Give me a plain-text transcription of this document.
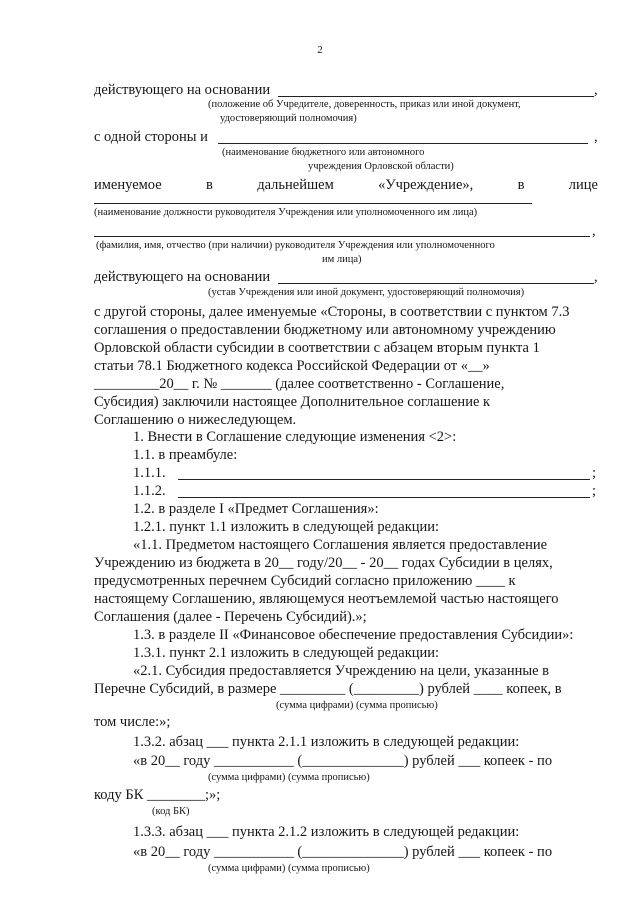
2
действующего на основании	,
(положение об Учредителе, доверенность, приказ или иной документ,
удостоверяющий полномочия)
с одной стороны и	,
(наименование бюджетного или автономного
учреждения Орловской области)
именуемое	в	дальнейшем	«Учреждение»,	в	лице
(наименование должности руководителя Учреждения или уполномоченного им лица)
,
(фамилия, имя, отчество (при наличии) руководителя Учреждения или уполномоченного
им лица)
действующего на основании	,
(устав Учреждения или иной документ, удостоверяющий полномочия)
с другой стороны, далее именуемые «Стороны, в соответствии с пунктом 7.3
соглашения о предоставлении бюджетному или автономному учреждению
Орловской области субсидии в соответствии с абзацем вторым пункта 1
статьи 78.1 Бюджетного кодекса Российской Федерации от «__»
_________20__ г. № _______ (далее соответственно - Соглашение,
Субсидия) заключили настоящее Дополнительное соглашение к
Соглашению о нижеследующем.
1. Внести в Соглашение следующие изменения <2>:
1.1. в преамбуле:
1.1.1.	;
1.1.2.	;
1.2. в разделе I «Предмет Соглашения»:
1.2.1. пункт 1.1 изложить в следующей редакции:
«1.1. Предметом настоящего Соглашения является предоставление
Учреждению из бюджета в 20__ году/20__ - 20__ годах Субсидии в целях,
предусмотренных перечнем Субсидий согласно приложению ____ к
настоящему Соглашению, являющемуся неотъемлемой частью настоящего
Соглашения (далее - Перечень Субсидий).»;
1.3. в разделе II «Финансовое обеспечение предоставления Субсидии»:
1.3.1. пункт 2.1 изложить в следующей редакции:
«2.1. Субсидия предоставляется Учреждению на цели, указанные в
Перечне Субсидий, в размере _________ (_________) рублей ____ копеек, в
(сумма цифрами) (сумма прописью)
том числе:»;
1.3.2. абзац ___ пункта 2.1.1 изложить в следующей редакции:
«в 20__ году ___________ (______________) рублей ___ копеек - по
(сумма цифрами) (сумма прописью)
коду БК ________;»;
(код БК)
1.3.3. абзац ___ пункта 2.1.2 изложить в следующей редакции:
«в 20__ году ___________ (______________) рублей ___ копеек - по
(сумма цифрами) (сумма прописью)
